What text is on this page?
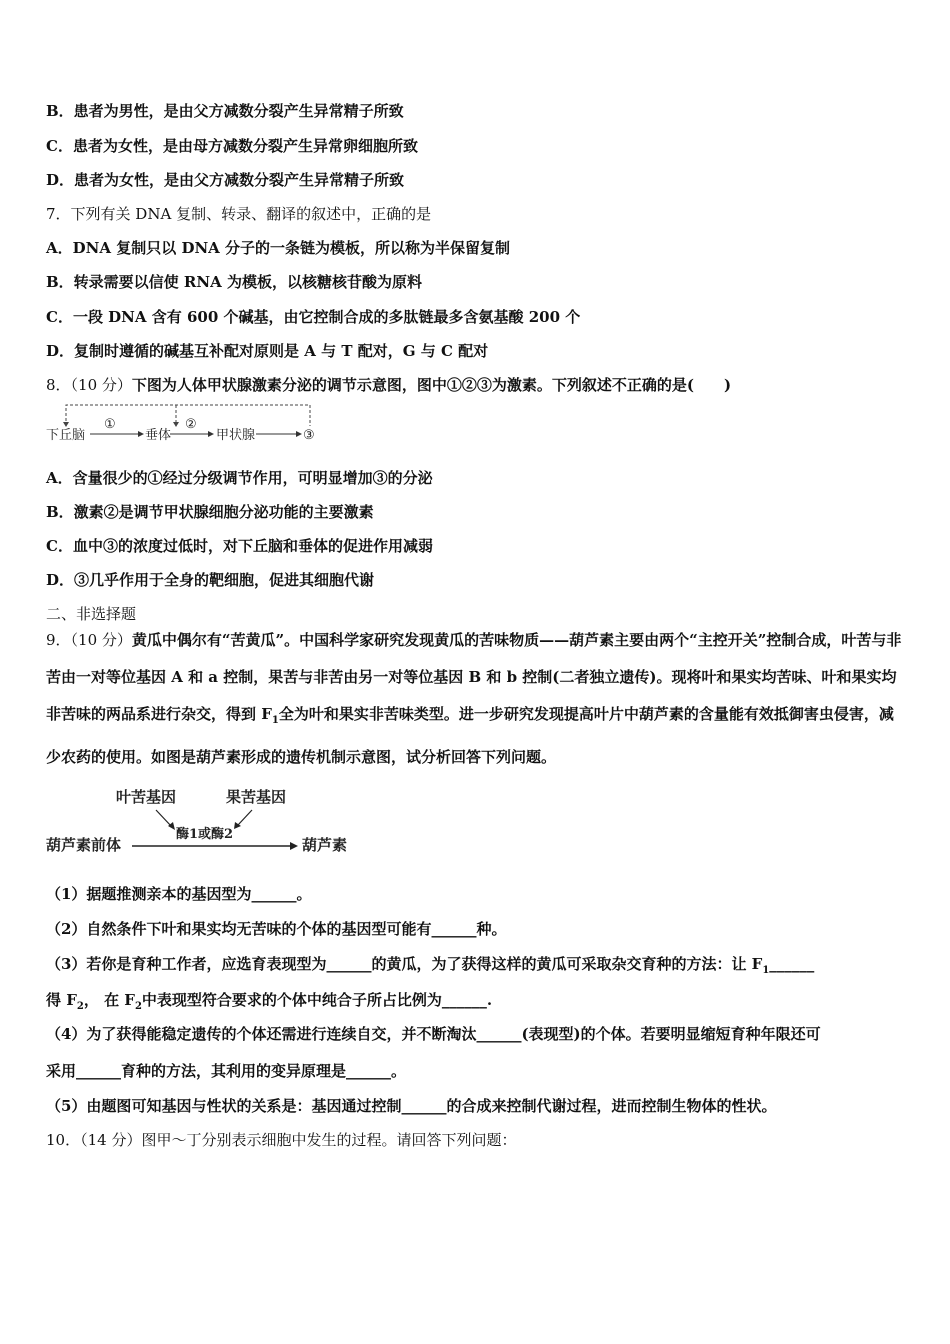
B．患者为男性，是由父方减数分裂产生异常精子所致
C．患者为女性，是由母方减数分裂产生异常卵细胞所致
D．患者为女性，是由父方减数分裂产生异常精子所致
7．下列有关 DNA 复制、转录、翻译的叙述中，正确的是
A．DNA 复制只以 DNA 分子的一条链为模板，所以称为半保留复制
B．转录需要以信使 RNA 为模板，以核糖核苷酸为原料
C．一段 DNA 含有 600 个碱基，由它控制合成的多肽链最多含氨基酸 200 个
D．复制时遵循的碱基互补配对原则是 A 与 T 配对，G 与 C 配对
8．（10 分）下图为人体甲状腺激素分泌的调节示意图，图中①②③为激素。下列叙述不正确的是(　　)
下丘脑	垂体	甲状腺	③
①	②
A．含量很少的①经过分级调节作用，可明显增加③的分泌
B．激素②是调节甲状腺细胞分泌功能的主要激素
C．血中③的浓度过低时，对下丘脑和垂体的促进作用减弱
D．③几乎作用于全身的靶细胞，促进其细胞代谢
二、非选择题
9．（10 分）黄瓜中偶尔有“苦黄瓜”。中国科学家研究发现黄瓜的苦味物质——葫芦素主要由两个“主控开关”控制合成，叶苦与非苦由一对等位基因 A 和 a 控制，果苦与非苦由另一对等位基因 B 和 b 控制(二者独立遗传)。现将叶和果实均苦味、叶和果实均非苦味的两品系进行杂交，得到 $F_1$全为叶和果实非苦味类型。进一步研究发现提高叶片中葫芦素的含量能有效抵御害虫侵害，减少农药的使用。如图是葫芦素形成的遗传机制示意图，试分析回答下列问题。
叶苦基因	果苦基因
酶1或酶2
葫芦素前体	葫芦素
（1）据题推测亲本的基因型为______。
（2）自然条件下叶和果实均无苦味的个体的基因型可能有______种。
（3）若你是育种工作者，应选育表现型为______的黄瓜，为了获得这样的黄瓜可采取杂交育种的方法：让 $F_1\_\_\_\_\_\_$
得 $F_2$， 在 $F_2$中表现型符合要求的个体中纯合子所占比例为______.
（4）为了获得能稳定遗传的个体还需进行连续自交，并不断淘汰______(表现型)的个体。若要明显缩短育种年限还可
采用______育种的方法，其利用的变异原理是______。
（5）由题图可知基因与性状的关系是：基因通过控制______的合成来控制代谢过程，进而控制生物体的性状。
10．（14 分）图甲～丁分别表示细胞中发生的过程。请回答下列问题：
